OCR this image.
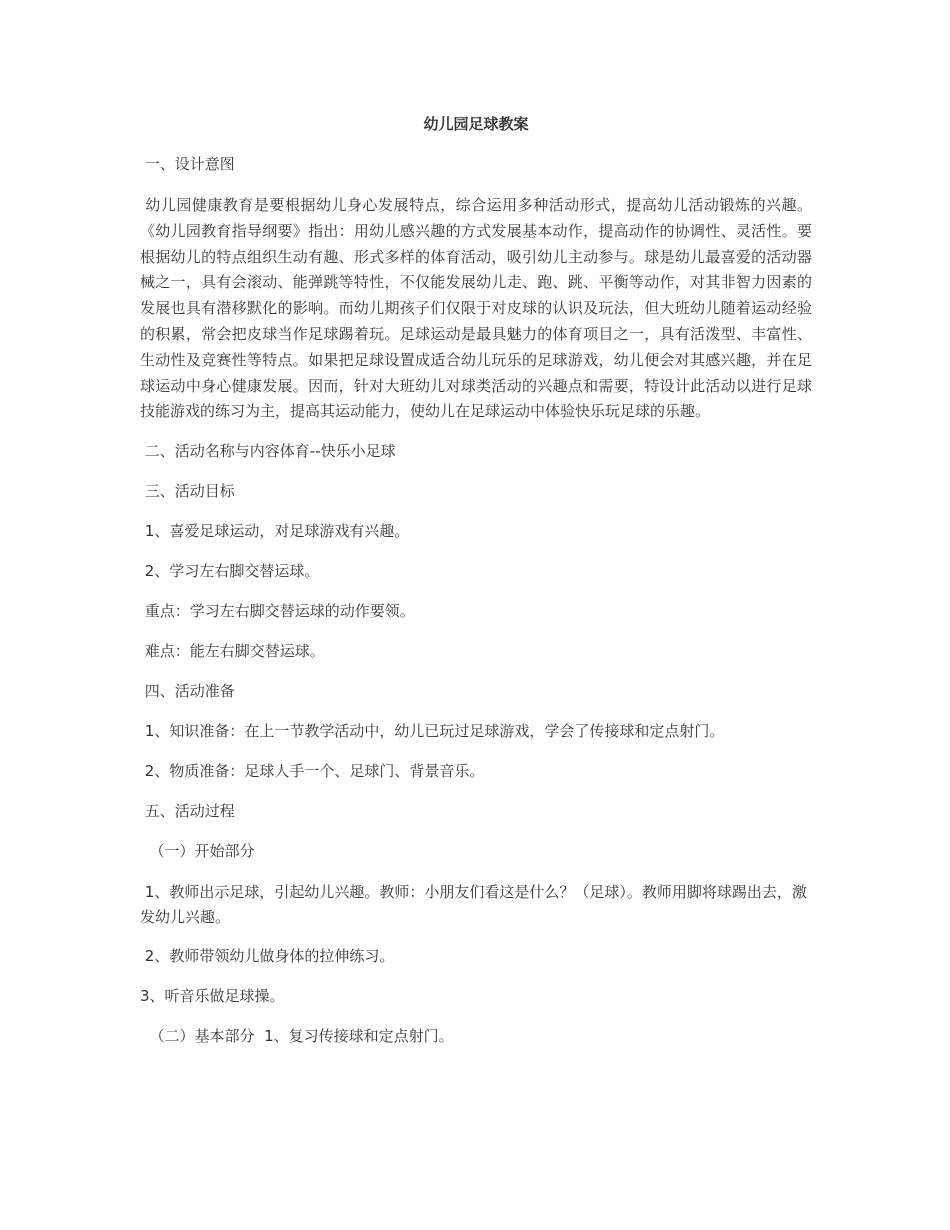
幼儿园足球教案
一、设计意图
幼儿园健康教育是要根据幼儿身心发展特点，综合运用多种活动形式，提高幼儿活动锻炼的兴趣。《幼儿园教育指导纲要》指出：用幼儿感兴趣的方式发展基本动作，提高动作的协调性、灵活性。要根据幼儿的特点组织生动有趣、形式多样的体育活动，吸引幼儿主动参与。球是幼儿最喜爱的活动器械之一，具有会滚动、能弹跳等特性，不仅能发展幼儿走、跑、跳、平衡等动作，对其非智力因素的发展也具有潜移默化的影响。而幼儿期孩子们仅限于对皮球的认识及玩法，但大班幼儿随着运动经验的积累，常会把皮球当作足球踢着玩。足球运动是最具魅力的体育项目之一，具有活泼型、丰富性、生动性及竞赛性等特点。如果把足球设置成适合幼儿玩乐的足球游戏，幼儿便会对其感兴趣，并在足球运动中身心健康发展。因而，针对大班幼儿对球类活动的兴趣点和需要，特设计此活动以进行足球技能游戏的练习为主，提高其运动能力，使幼儿在足球运动中体验快乐玩足球的乐趣。
二、活动名称与内容体育--快乐小足球
三、活动目标
1、喜爱足球运动，对足球游戏有兴趣。
2、学习左右脚交替运球。
重点：学习左右脚交替运球的动作要领。
难点：能左右脚交替运球。
四、活动准备
1、知识准备：在上一节教学活动中，幼儿已玩过足球游戏，学会了传接球和定点射门。
2、物质准备：足球人手一个、足球门、背景音乐。
五、活动过程
（一）开始部分
1、教师出示足球，引起幼儿兴趣。教师：小朋友们看这是什么？（足球）。教师用脚将球踢出去，激发幼儿兴趣。
2、教师带领幼儿做身体的拉伸练习。
3、听音乐做足球操。
（二）基本部分  1、复习传接球和定点射门。
